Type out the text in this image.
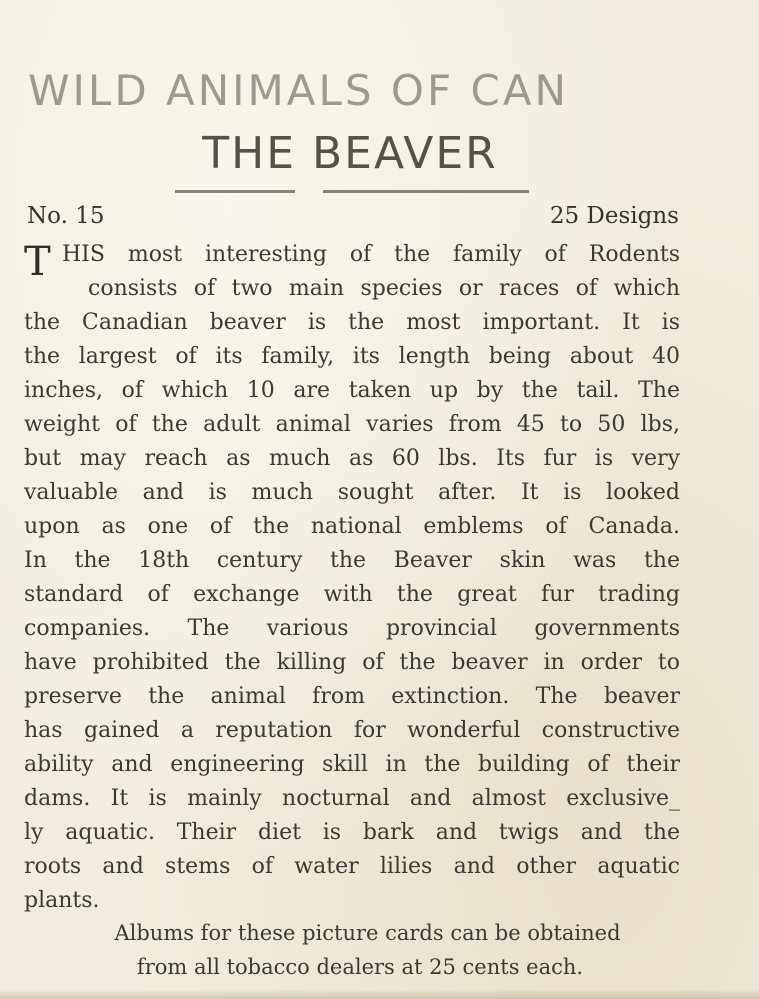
WILD ANIMALS OF CAN
THE BEAVER
No. 15	25 Designs
T HIS most interesting of the family of Rodents
consists of two main species or races of which
the Canadian beaver is the most important. It is
the largest of its family, its length being about 40
inches, of which 10 are taken up by the tail. The
weight of the adult animal varies from 45 to 50 lbs,
but may reach as much as 60 lbs. Its fur is very
valuable and is much sought after. It is looked
upon as one of the national emblems of Canada.
In the 18th century the Beaver skin was the
standard of exchange with the great fur trading
companies. The various provincial governments
have prohibited the killing of the beaver in order to
preserve the animal from extinction. The beaver
has gained a reputation for wonderful constructive
ability and engineering skill in the building of their
dams. It is mainly nocturnal and almost exclusive_
ly aquatic. Their diet is bark and twigs and the
roots and stems of water lilies and other aquatic
plants.
Albums for these picture cards can be obtained
from all tobacco dealers at 25 cents each.
